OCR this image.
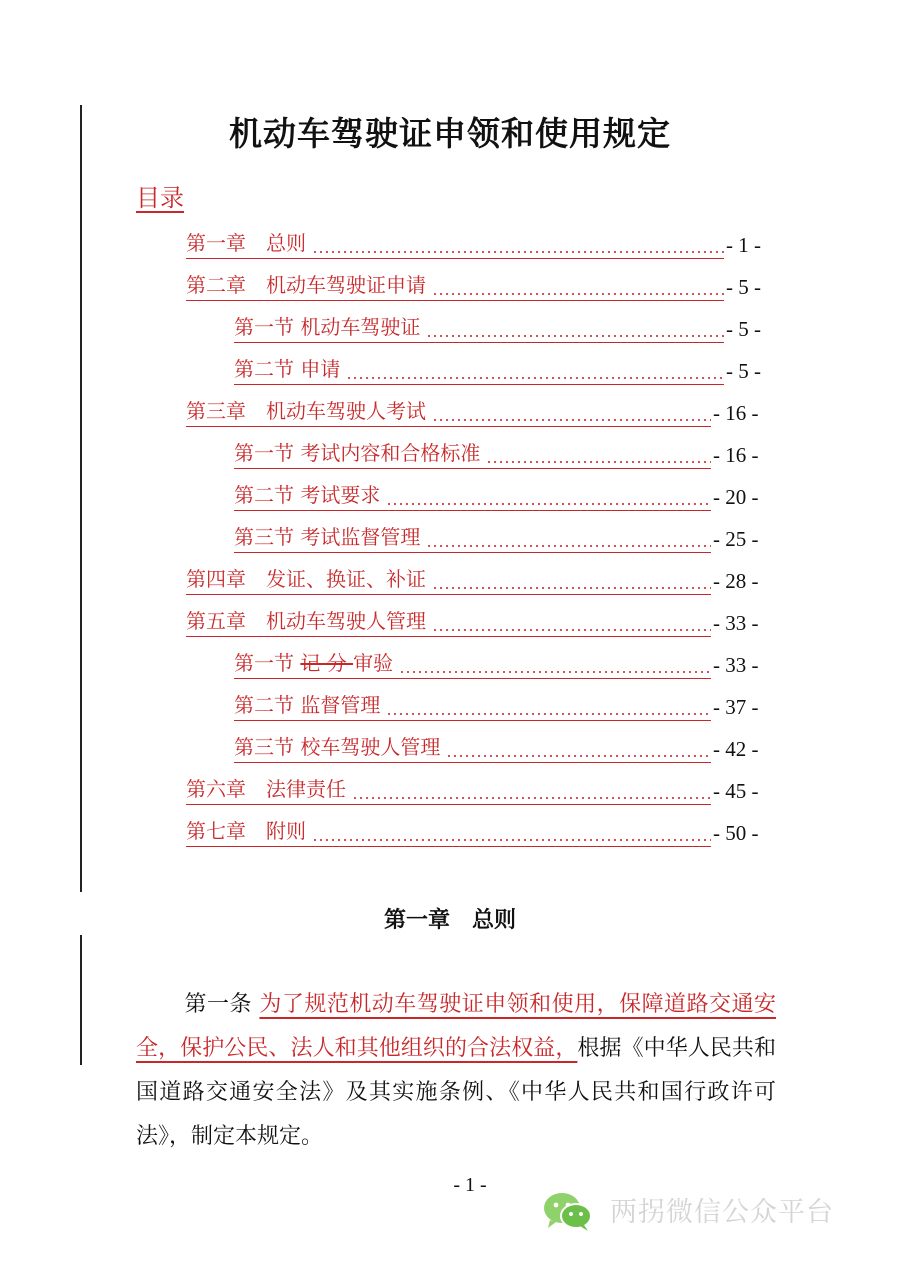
机动车驾驶证申领和使用规定
目录
第一章　总则	- 1 -
第二章　机动车驾驶证申请	- 5 -
第一节 机动车驾驶证	- 5 -
第二节 申请	- 5 -
第三章　机动车驾驶人考试	- 16 -
第一节 考试内容和合格标准	- 16 -
第二节 考试要求	- 20 -
第三节 考试监督管理	- 25 -
第四章　发证、换证、补证	- 28 -
第五章　机动车驾驶人管理	- 33 -
第一节 记 分 审验	- 33 -
第二节 监督管理	- 37 -
第三节 校车驾驶人管理	- 42 -
第六章　法律责任	- 45 -
第七章　附则	- 50 -
第一章　总则
第一条 为了规范机动车驾驶证申领和使用，保障道路交通安全，保护公民、法人和其他组织的合法权益，根据《中华人民共和国道路交通安全法》及其实施条例、《中华人民共和国行政许可法》，制定本规定。
- 1 -
两拐微信公众平台
